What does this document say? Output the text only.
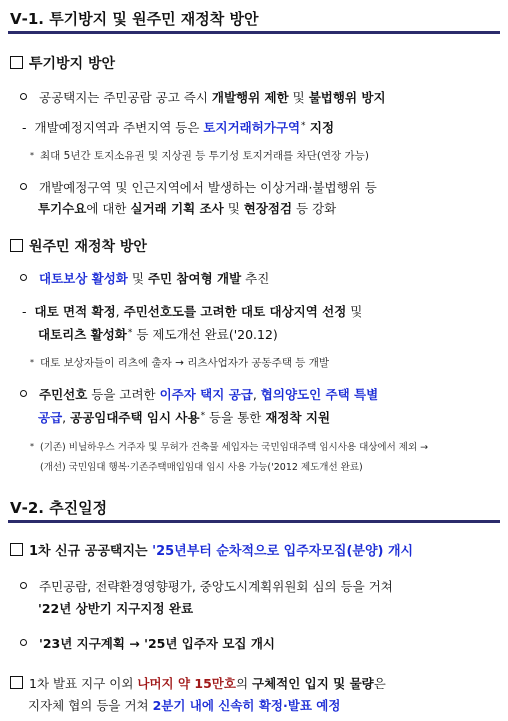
Ⅴ-1. 투기방지 및 원주민 재정착 방안
투기방지 방안
공공택지는 주민공람 공고 즉시 개발행위 제한 및 불법행위 방지
- 개발예정지역과 주변지역 등은 토지거래허가구역* 지정
* 최대 5년간 토지소유권 및 지상권 등 투기성 토지거래를 차단(연장 가능)
개발예정구역 및 인근지역에서 발생하는 이상거래·불법행위 등
투기수요에 대한 실거래 기획 조사 및 현장점검 등 강화
원주민 재정착 방안
대토보상 활성화 및 주민 참여형 개발 추진
- 대토 면적 확정, 주민선호도를 고려한 대토 대상지역 선정 및
대토리츠 활성화* 등 제도개선 완료('20.12)
* 대토 보상자들이 리츠에 출자 → 리츠사업자가 공동주택 등 개발
주민선호 등을 고려한 이주자 택지 공급, 협의양도인 주택 특별
공급, 공공임대주택 임시 사용* 등을 통한 재정착 지원
* (기존) 비닐하우스 거주자 및 무허가 건축물 세입자는 국민임대주택 임시사용 대상에서 제외 →
(개선) 국민임대 행복·기존주택매입임대 임시 사용 가능('2012 제도개선 완료)
Ⅴ-2. 추진일정
1차 신규 공공택지는 '25년부터 순차적으로 입주자모집(분양) 개시
주민공람, 전략환경영향평가, 중앙도시계획위원회 심의 등을 거쳐
'22년 상반기 지구지정 완료
'23년 지구계획 → '25년 입주자 모집 개시
1차 발표 지구 이외 나머지 약 15만호의 구체적인 입지 및 물량은
지자체 협의 등을 거쳐 2분기 내에 신속히 확정·발표 예정
